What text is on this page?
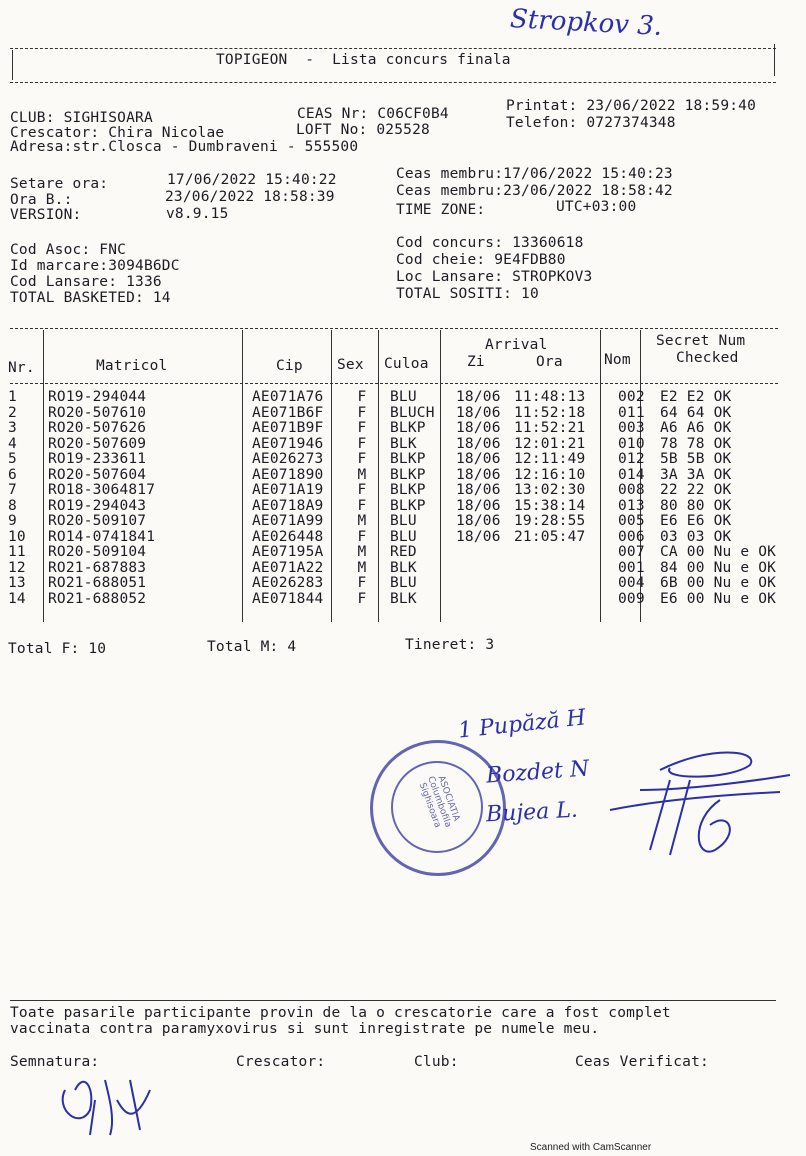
Stropkov 3.
TOPIGEON  -  Lista concurs finala
CLUB: SIGHISOARA	CEAS Nr: C06CF0B4	Printat: 23/06/2022 18:59:40
Crescator: Chira Nicolae	LOFT No: 025528	Telefon: 0727374348
Adresa:str.Closca - Dumbraveni - 555500
Setare ora:	17/06/2022 15:40:22
Ora B.:	23/06/2022 18:58:39
VERSION:	v8.9.15
Ceas membru:17/06/2022 15:40:23
Ceas membru:23/06/2022 18:58:42
TIME ZONE:	UTC+03:00
Cod Asoc: FNC
Id marcare:3094B6DC
Cod Lansare: 1336
TOTAL BASKETED: 14
Cod concurs: 13360618
Cod cheie: 9E4FDB80
Loc Lansare: STROPKOV3
TOTAL SOSITI: 10
Nr.	Matricol	Cip Sex Culoa
Arrival
Zi	Ora	Nom
Secret Num
Checked
1	RO19-294044	AE071A76	F	BLU	18/06	11:48:13	002	E2 E2 OK
2	RO20-507610	AE071B6F	F	BLUCH	18/06	11:52:18	011	64 64 OK
3	RO20-507626	AE071B9F	F	BLKP	18/06	11:52:21	003	A6 A6 OK
4	RO20-507609	AE071946	F	BLK	18/06	12:01:21	010	78 78 OK
5	RO19-233611	AE026273	F	BLKP	18/06	12:11:49	012	5B 5B OK
6	RO20-507604	AE071890	M	BLKP	18/06	12:16:10	014	3A 3A OK
7	RO18-3064817	AE071A19	F	BLKP	18/06	13:02:30	008	22 22 OK
8	RO19-294043	AE0718A9	F	BLKP	18/06	15:38:14	013	80 80 OK
9	RO20-509107	AE071A99	M	BLU	18/06	19:28:55	005	E6 E6 OK
10	RO14-0741841	AE026448	F	BLU	18/06	21:05:47	006	03 03 OK
11	RO20-509104	AE07195A	M	RED			007	CA 00 Nu e OK
12	RO21-687883	AE071A22	M	BLK			001	84 00 Nu e OK
13	RO21-688051	AE026283	F	BLU			004	6B 00 Nu e OK
14	RO21-688052	AE071844	F	BLK			009	E6 00 Nu e OK
Total F: 10	Total M: 4	Tineret: 3
ASOCIATIA Columbofila Sighisoara
1 Pupăză H
Bozdet N
Bujea L.
Toate pasarile participante provin de la o crescatorie care a fost complet
vaccinata contra paramyxovirus si sunt inregistrate pe numele meu.
Semnatura:	Crescator:	Club:	Ceas Verificat:
Scanned with CamScanner
